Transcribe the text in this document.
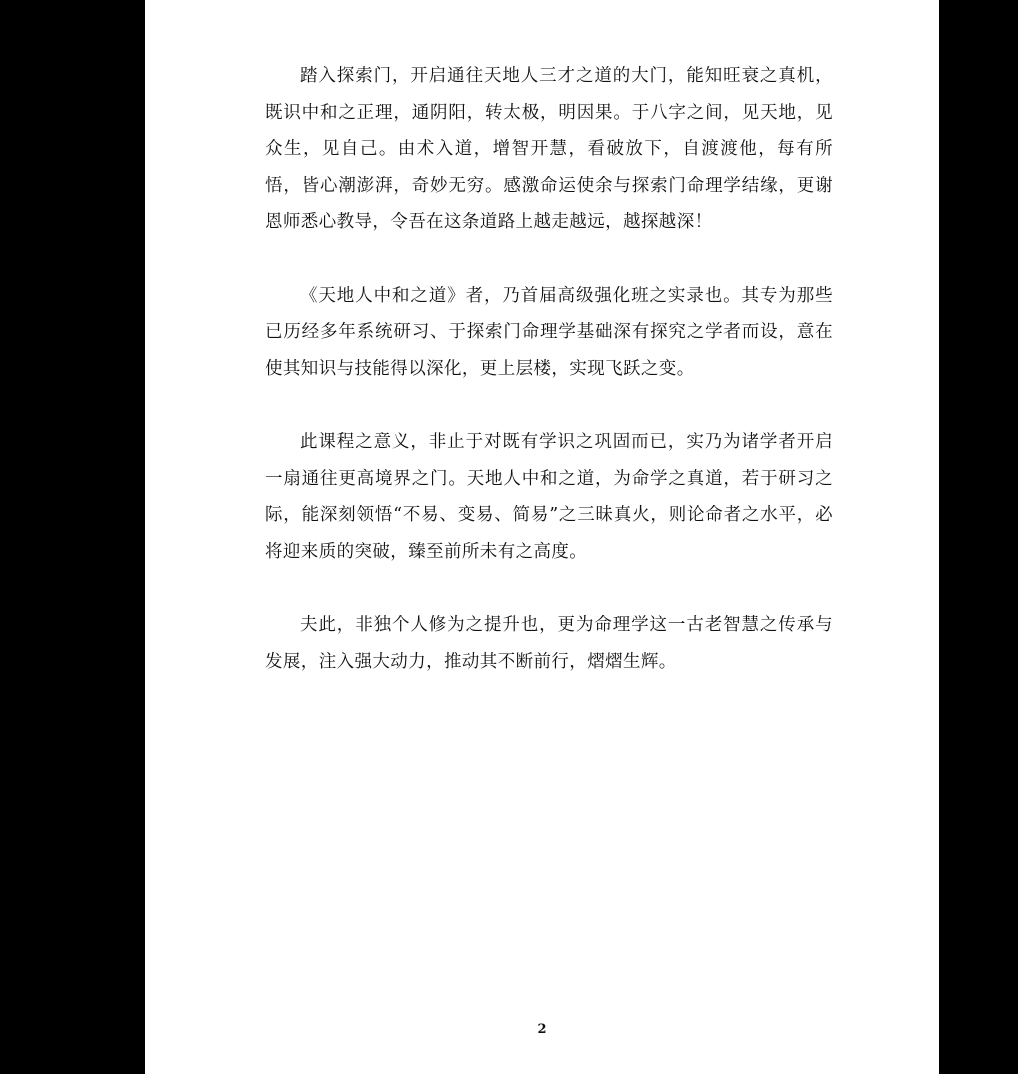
踏入探索门，开启通往天地人三才之道的大门，能知旺衰之真机，既识中和之正理，通阴阳，转太极，明因果。于八字之间，见天地，见众生，见自己。由术入道，增智开慧，看破放下，自渡渡他，每有所悟，皆心潮澎湃，奇妙无穷。感激命运使余与探索门命理学结缘，更谢恩师悉心教导，令吾在这条道路上越走越远，越探越深！

《天地人中和之道》者，乃首届高级强化班之实录也。其专为那些已历经多年系统研习、于探索门命理学基础深有探究之学者而设，意在使其知识与技能得以深化，更上层楼，实现飞跃之变。

此课程之意义，非止于对既有学识之巩固而已，实乃为诸学者开启一扇通往更高境界之门。天地人中和之道，为命学之真道，若于研习之际，能深刻领悟“不易、变易、简易”之三昧真火，则论命者之水平，必将迎来质的突破，臻至前所未有之高度。

夫此，非独个人修为之提升也，更为命理学这一古老智慧之传承与发展，注入强大动力，推动其不断前行，熠熠生辉。

2
